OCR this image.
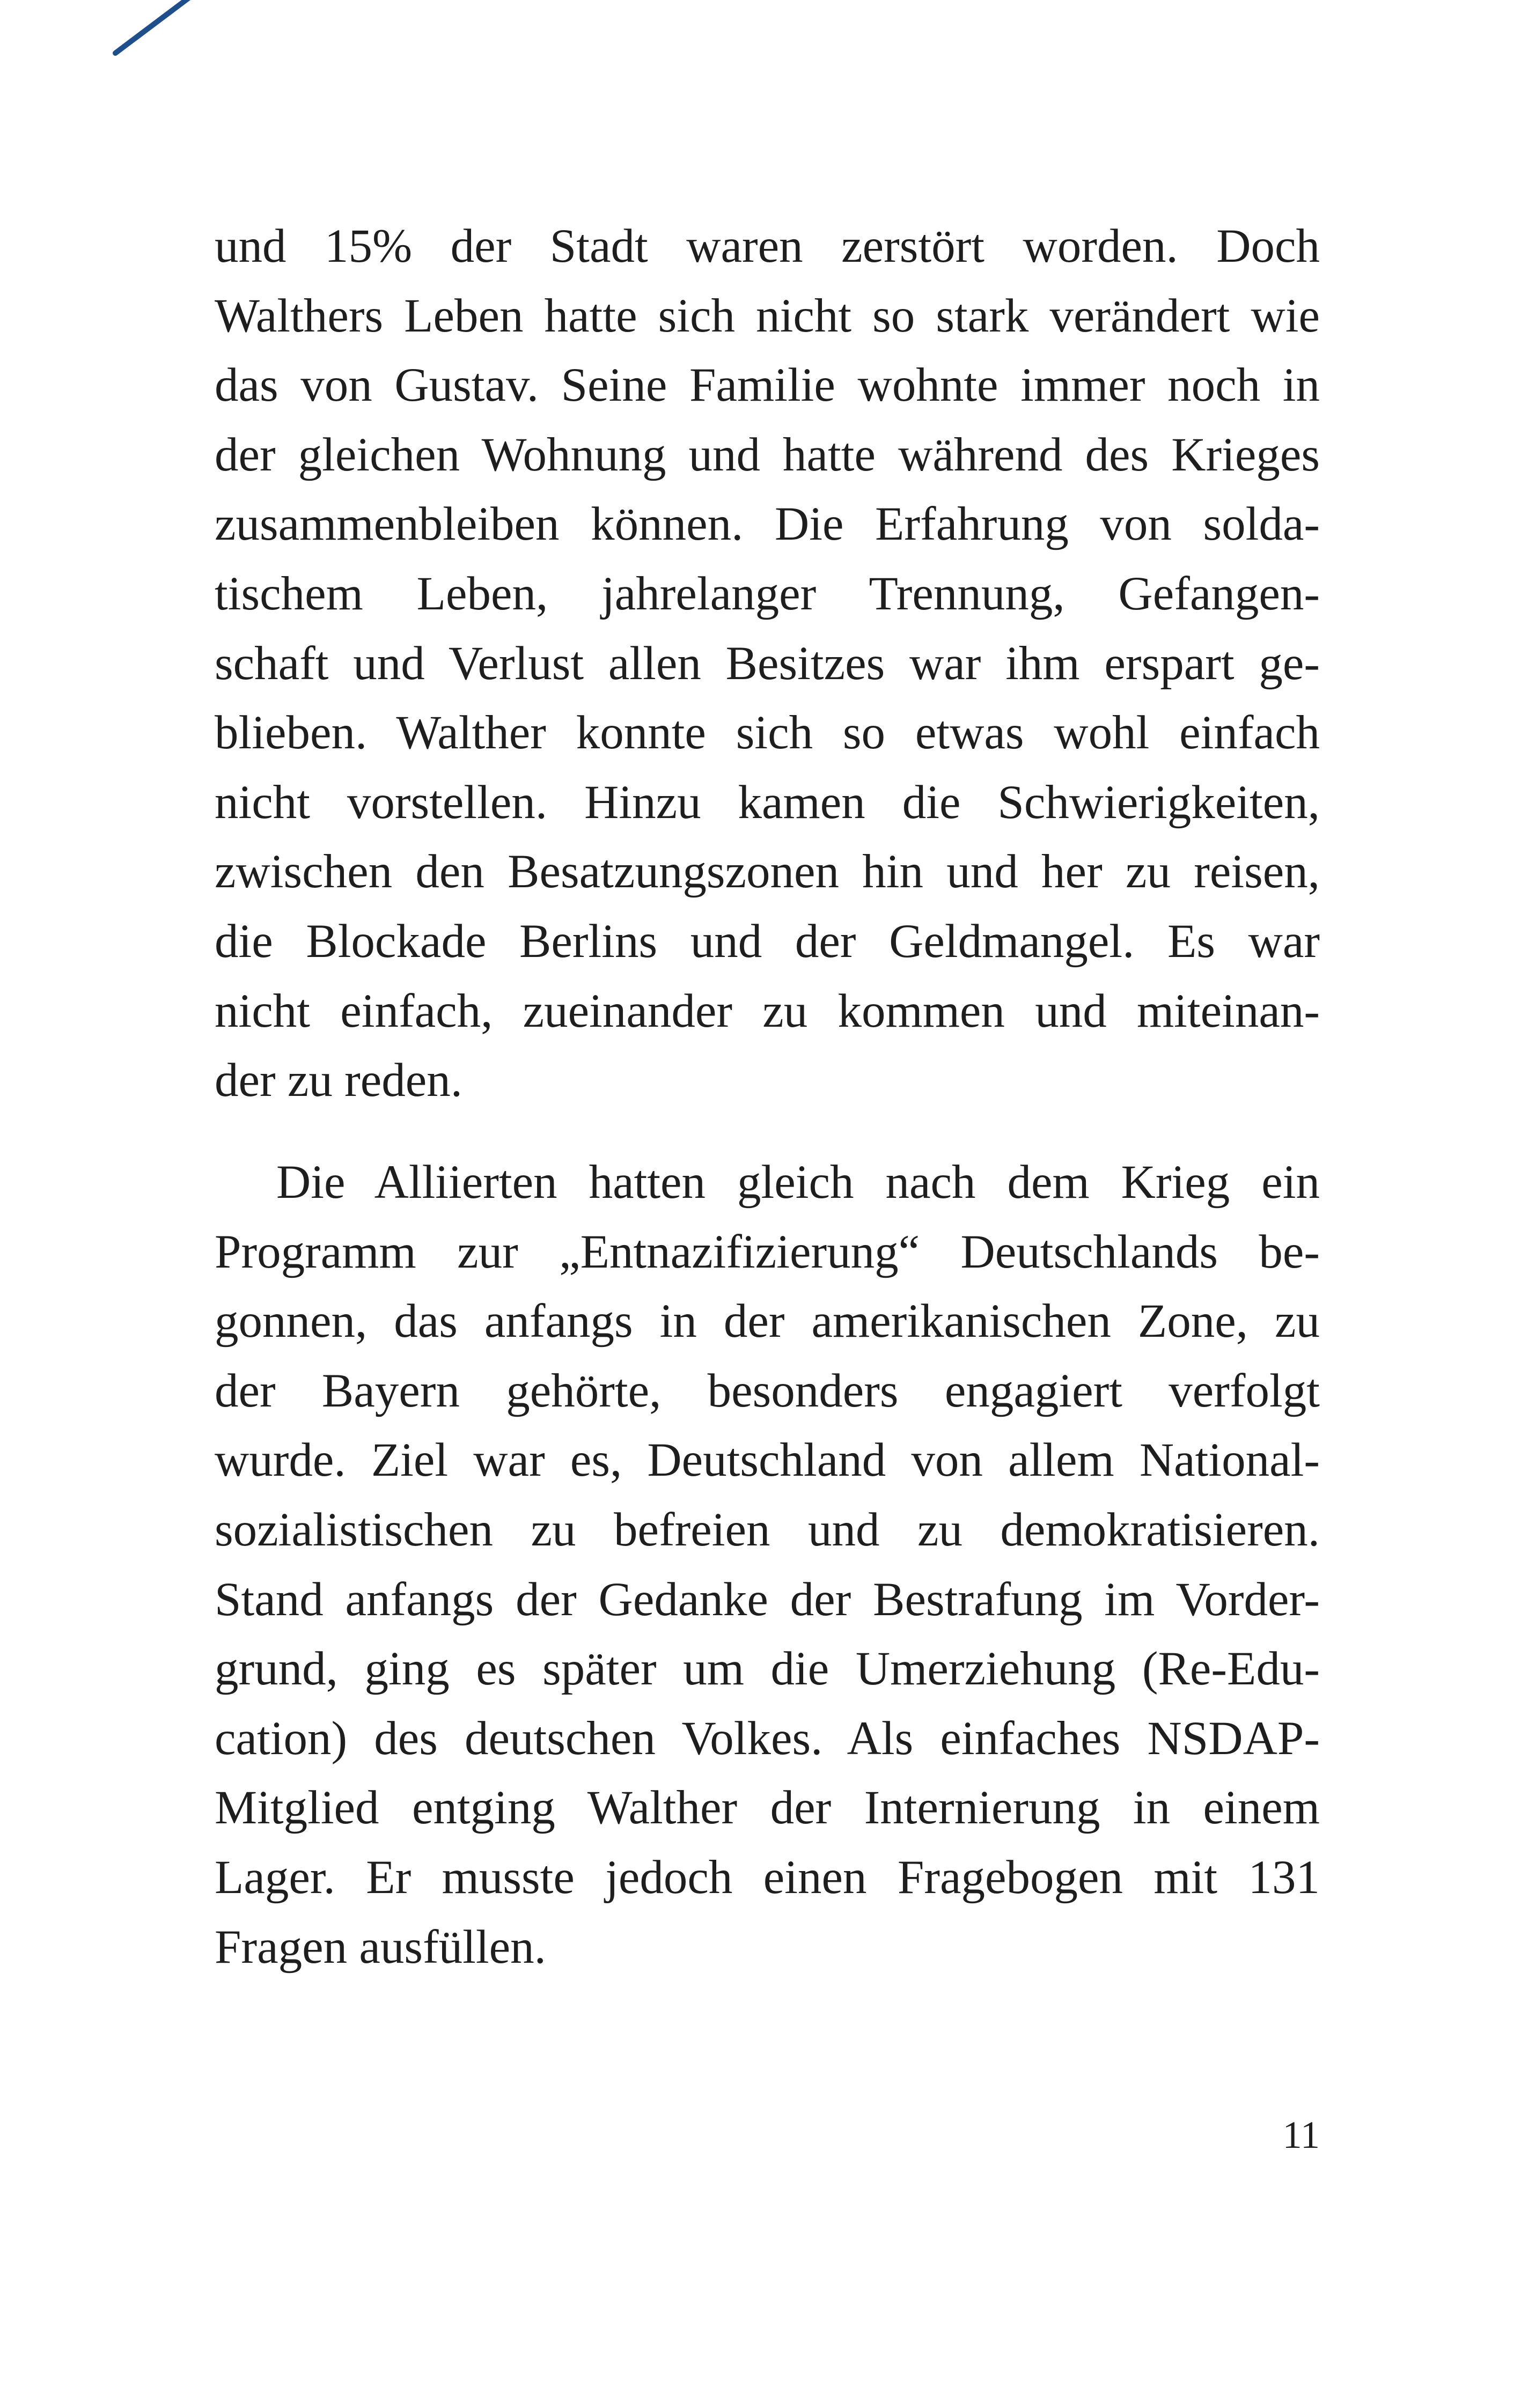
und 15% der Stadt waren zerstört worden. Doch
Walthers Leben hatte sich nicht so stark verändert wie
das von Gustav. Seine Familie wohnte immer noch in
der gleichen Wohnung und hatte während des Krieges
zusammenbleiben können. Die Erfahrung von solda-
tischem Leben, jahrelanger Trennung, Gefangen-
schaft und Verlust allen Besitzes war ihm erspart ge-
blieben. Walther konnte sich so etwas wohl einfach
nicht vorstellen. Hinzu kamen die Schwierigkeiten,
zwischen den Besatzungszonen hin und her zu reisen,
die Blockade Berlins und der Geldmangel. Es war
nicht einfach, zueinander zu kommen und miteinan-
der zu reden.
Die Alliierten hatten gleich nach dem Krieg ein
Programm zur „Entnazifizierung“ Deutschlands be-
gonnen, das anfangs in der amerikanischen Zone, zu
der Bayern gehörte, besonders engagiert verfolgt
wurde. Ziel war es, Deutschland von allem National-
sozialistischen zu befreien und zu demokratisieren.
Stand anfangs der Gedanke der Bestrafung im Vorder-
grund, ging es später um die Umerziehung (Re-Edu-
cation) des deutschen Volkes. Als einfaches NSDAP-
Mitglied entging Walther der Internierung in einem
Lager. Er musste jedoch einen Fragebogen mit 131
Fragen ausfüllen.
11
